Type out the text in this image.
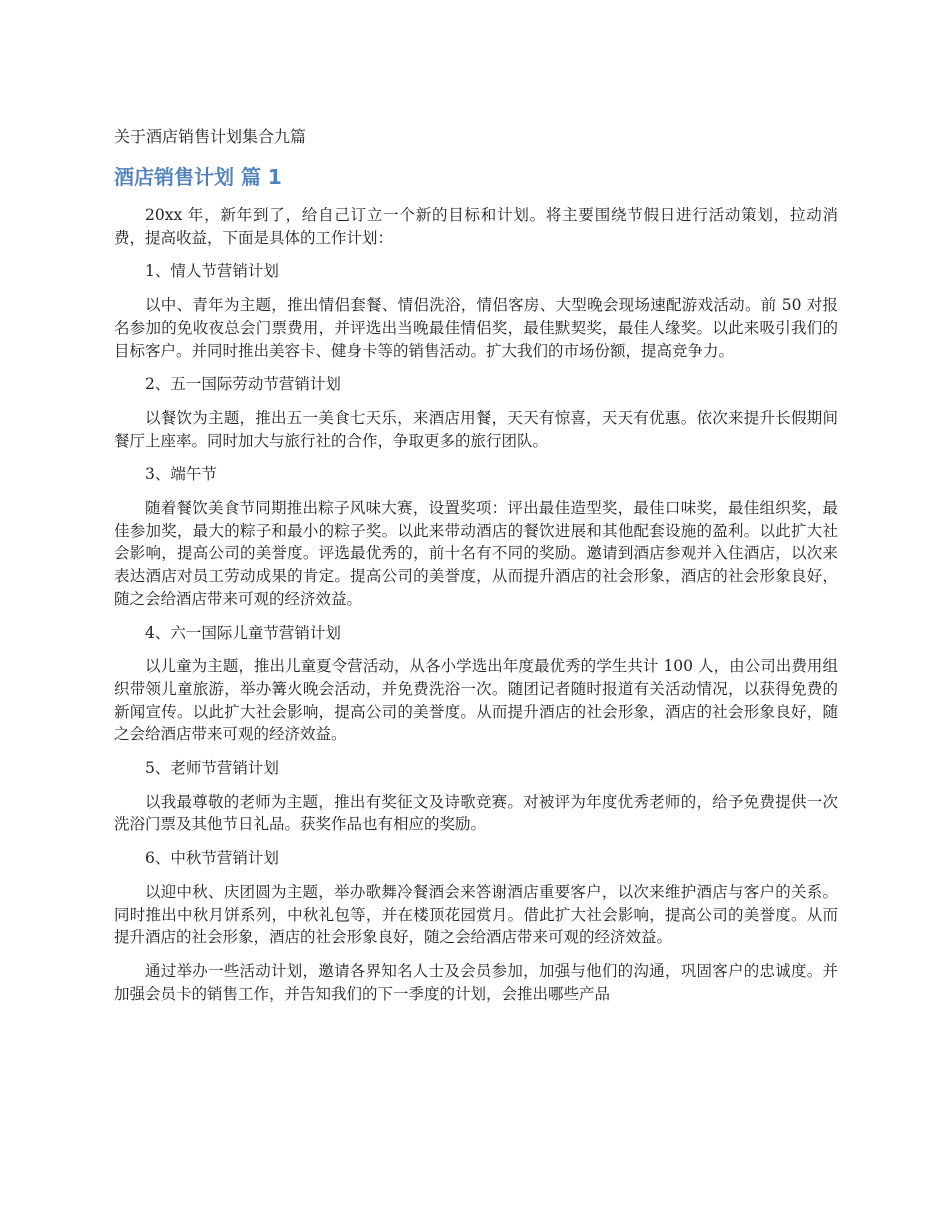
关于酒店销售计划集合九篇
酒店销售计划 篇 1

20xx 年，新年到了，给自己订立一个新的目标和计划。将主要围绕节假日进行活动策划，拉动消费，提高收益，下面是具体的工作计划：

1、情人节营销计划

以中、青年为主题，推出情侣套餐、情侣洗浴，情侣客房、大型晚会现场速配游戏活动。前 50 对报名参加的免收夜总会门票费用，并评选出当晚最佳情侣奖，最佳默契奖，最佳人缘奖。以此来吸引我们的目标客户。并同时推出美容卡、健身卡等的销售活动。扩大我们的市场份额，提高竞争力。

2、五一国际劳动节营销计划

以餐饮为主题，推出五一美食七天乐，来酒店用餐，天天有惊喜，天天有优惠。依次来提升长假期间餐厅上座率。同时加大与旅行社的合作，争取更多的旅行团队。

3、端午节

随着餐饮美食节同期推出粽子风味大赛，设置奖项：评出最佳造型奖，最佳口味奖，最佳组织奖，最佳参加奖，最大的粽子和最小的粽子奖。以此来带动酒店的餐饮进展和其他配套设施的盈利。以此扩大社会影响，提高公司的美誉度。评选最优秀的，前十名有不同的奖励。邀请到酒店参观并入住酒店，以次来表达酒店对员工劳动成果的肯定。提高公司的美誉度，从而提升酒店的社会形象，酒店的社会形象良好，随之会给酒店带来可观的经济效益。

4、六一国际儿童节营销计划

以儿童为主题，推出儿童夏令营活动，从各小学选出年度最优秀的学生共计 100 人，由公司出费用组织带领儿童旅游，举办篝火晚会活动，并免费洗浴一次。随团记者随时报道有关活动情况，以获得免费的新闻宣传。以此扩大社会影响，提高公司的美誉度。从而提升酒店的社会形象，酒店的社会形象良好，随之会给酒店带来可观的经济效益。

5、老师节营销计划

以我最尊敬的老师为主题，推出有奖征文及诗歌竞赛。对被评为年度优秀老师的，给予免费提供一次洗浴门票及其他节日礼品。获奖作品也有相应的奖励。

6、中秋节营销计划

以迎中秋、庆团圆为主题，举办歌舞冷餐酒会来答谢酒店重要客户，以次来维护酒店与客户的关系。同时推出中秋月饼系列，中秋礼包等，并在楼顶花园赏月。借此扩大社会影响，提高公司的美誉度。从而提升酒店的社会形象，酒店的社会形象良好，随之会给酒店带来可观的经济效益。

通过举办一些活动计划，邀请各界知名人士及会员参加，加强与他们的沟通，巩固客户的忠诚度。并加强会员卡的销售工作，并告知我们的下一季度的计划，会推出哪些产品
